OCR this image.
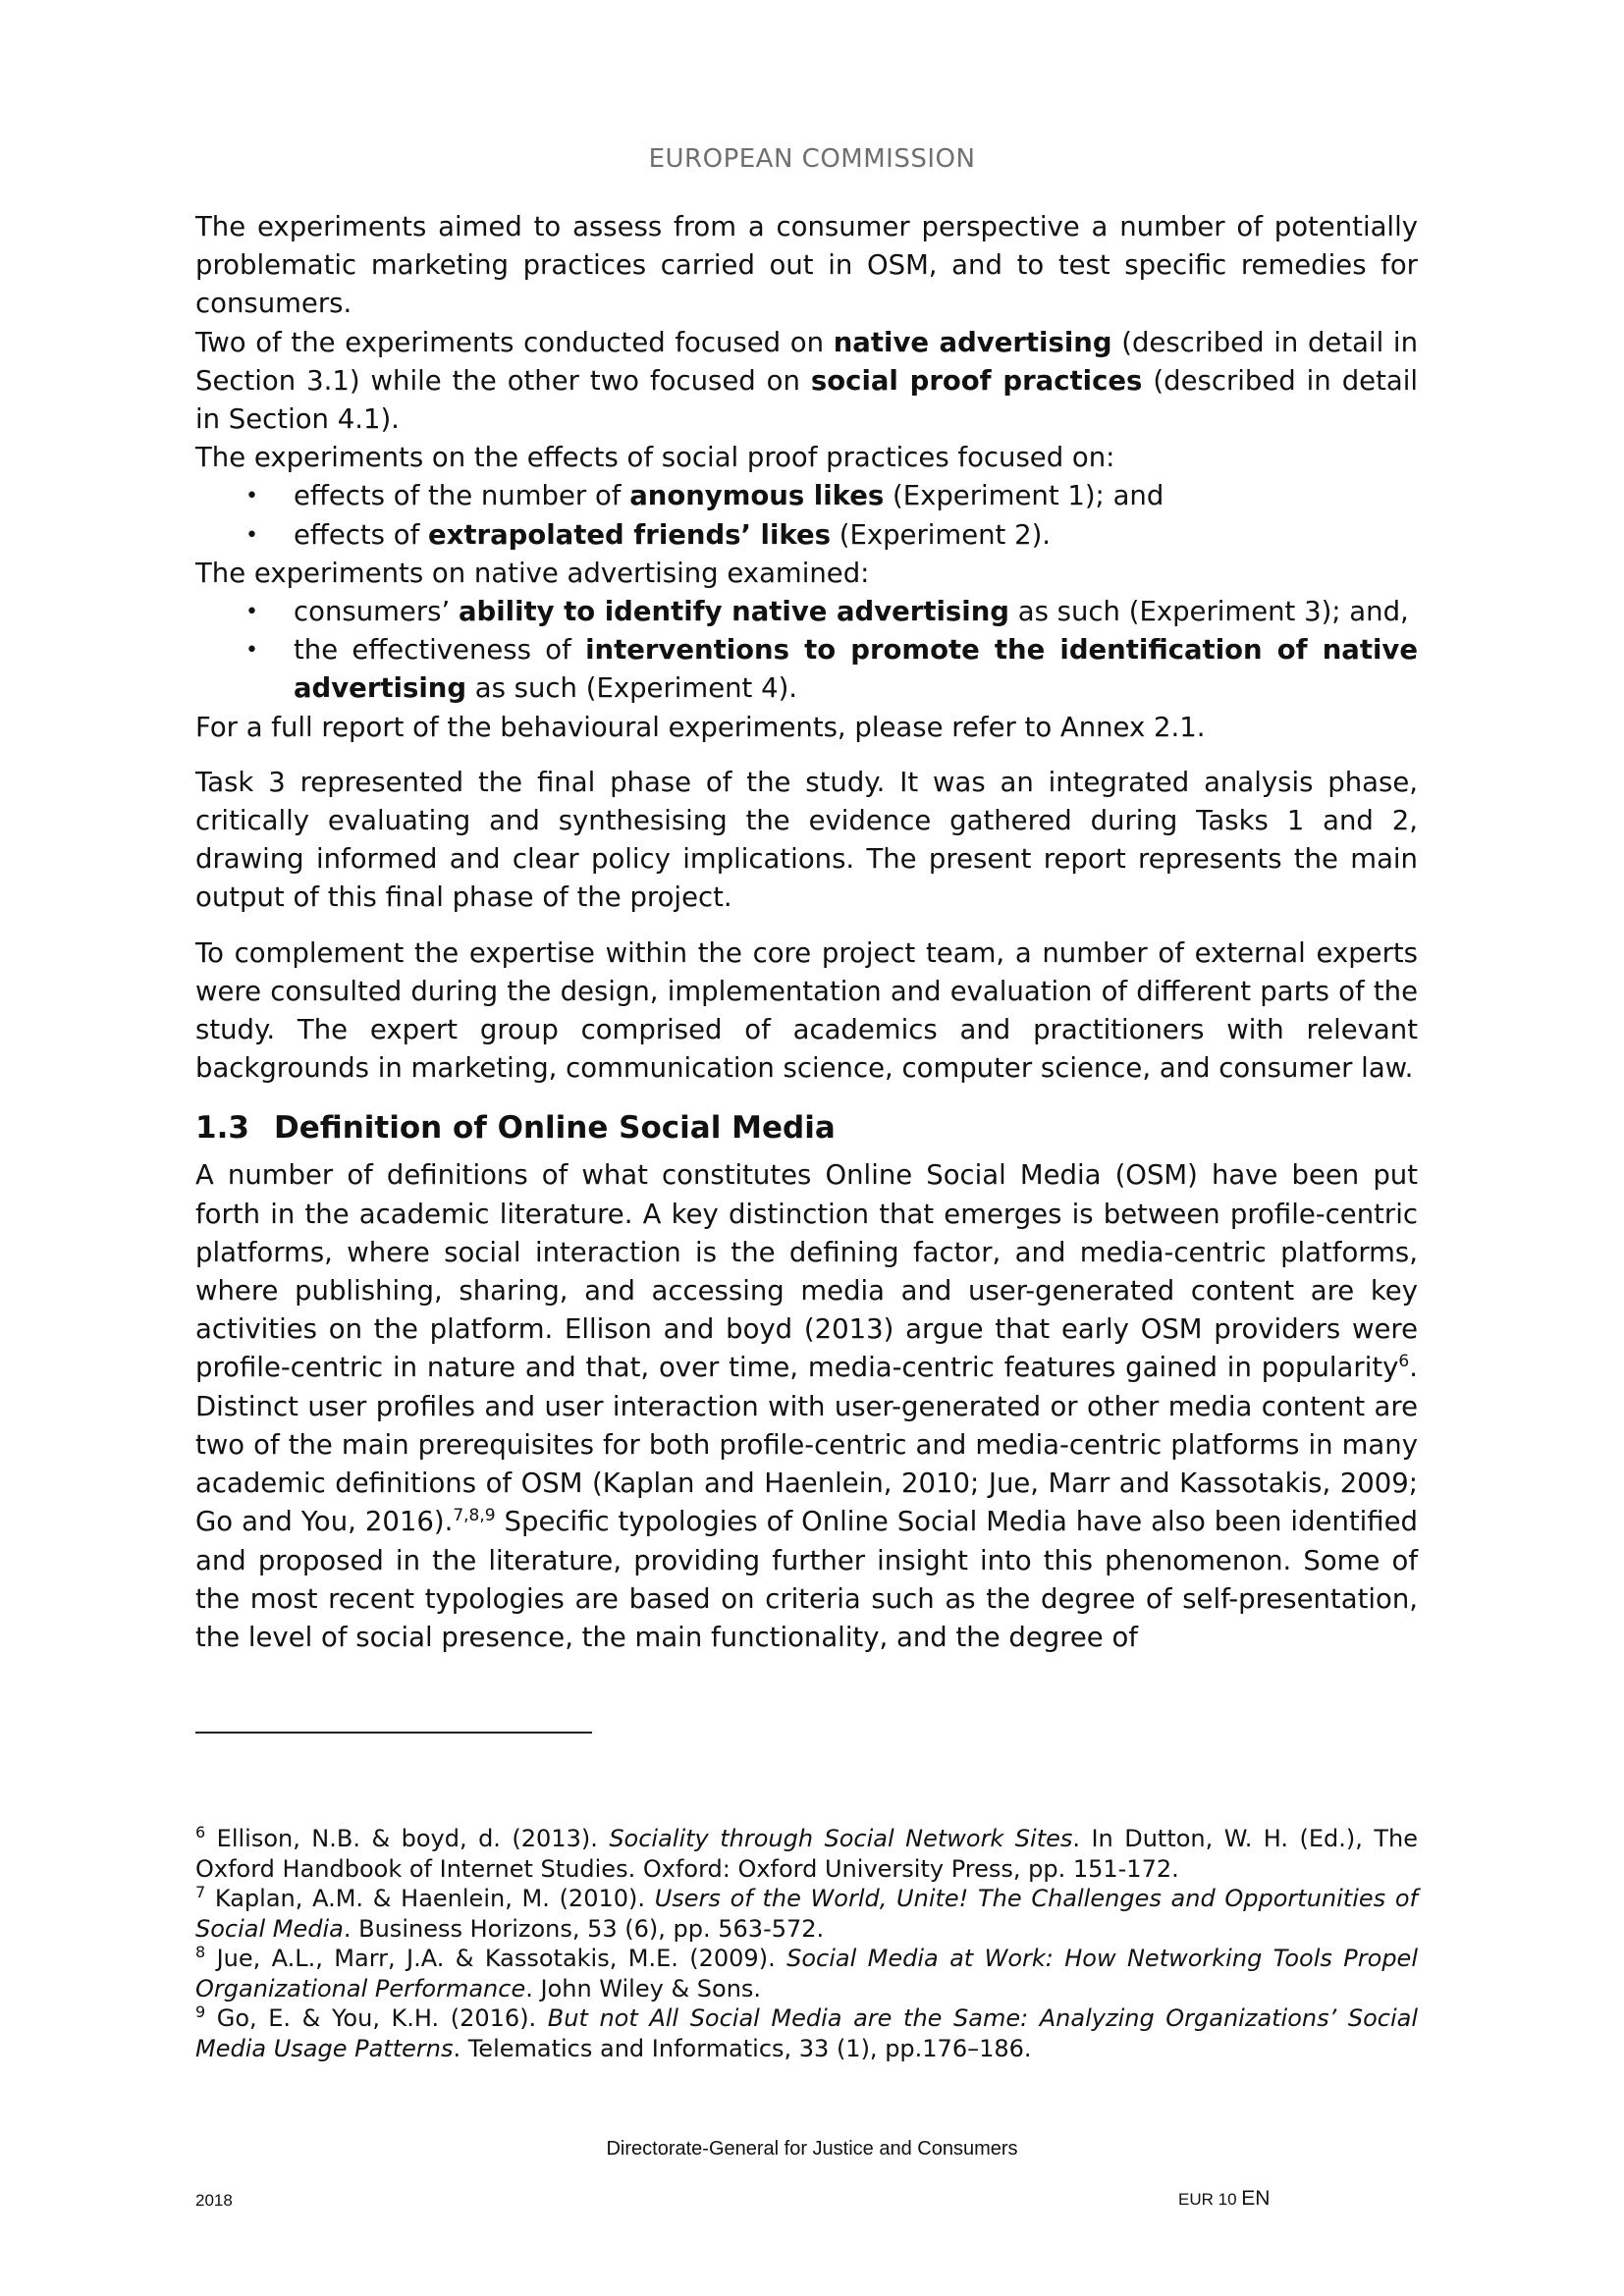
EUROPEAN COMMISSION

The experiments aimed to assess from a consumer perspective a number of potentially problematic marketing practices carried out in OSM, and to test specific remedies for consumers.

Two of the experiments conducted focused on native advertising (described in detail in Section 3.1) while the other two focused on social proof practices (described in detail in Section 4.1).

The experiments on the effects of social proof practices focused on:

• effects of the number of anonymous likes (Experiment 1); and
• effects of extrapolated friends’ likes (Experiment 2).

The experiments on native advertising examined:

• consumers’ ability to identify native advertising as such (Experiment 3); and,
• the effectiveness of interventions to promote the identification of native advertising as such (Experiment 4).

For a full report of the behavioural experiments, please refer to Annex 2.1.

Task 3 represented the final phase of the study. It was an integrated analysis phase, critically evaluating and synthesising the evidence gathered during Tasks 1 and 2, drawing informed and clear policy implications. The present report represents the main output of this final phase of the project.

To complement the expertise within the core project team, a number of external experts were consulted during the design, implementation and evaluation of different parts of the study. The expert group comprised of academics and practitioners with relevant backgrounds in marketing, communication science, computer science, and consumer law.

1.3 Definition of Online Social Media

A number of definitions of what constitutes Online Social Media (OSM) have been put forth in the academic literature. A key distinction that emerges is between profile-centric platforms, where social interaction is the defining factor, and media-centric platforms, where publishing, sharing, and accessing media and user-generated content are key activities on the platform. Ellison and boyd (2013) argue that early OSM providers were profile-centric in nature and that, over time, media-centric features gained in popularity$^6$. Distinct user profiles and user interaction with user-generated or other media content are two of the main prerequisites for both profile-centric and media-centric platforms in many academic definitions of OSM (Kaplan and Haenlein, 2010; Jue, Marr and Kassotakis, 2009; Go and You, 2016).$^{7,8,9}$ Specific typologies of Online Social Media have also been identified and proposed in the literature, providing further insight into this phenomenon. Some of the most recent typologies are based on criteria such as the degree of self-presentation, the level of social presence, the main functionality, and the degree of

$^6$ Ellison, N.B. & boyd, d. (2013). Sociality through Social Network Sites. In Dutton, W. H. (Ed.), The Oxford Handbook of Internet Studies. Oxford: Oxford University Press, pp. 151-172.

$^7$ Kaplan, A.M. & Haenlein, M. (2010). Users of the World, Unite! The Challenges and Opportunities of Social Media. Business Horizons, 53 (6), pp. 563-572.

$^8$ Jue, A.L., Marr, J.A. & Kassotakis, M.E. (2009). Social Media at Work: How Networking Tools Propel Organizational Performance. John Wiley & Sons.

$^9$ Go, E. & You, K.H. (2016). But not All Social Media are the Same: Analyzing Organizations’ Social Media Usage Patterns. Telematics and Informatics, 33 (1), pp.176–186.

Directorate-General for Justice and Consumers
2018	EUR 10 EN
